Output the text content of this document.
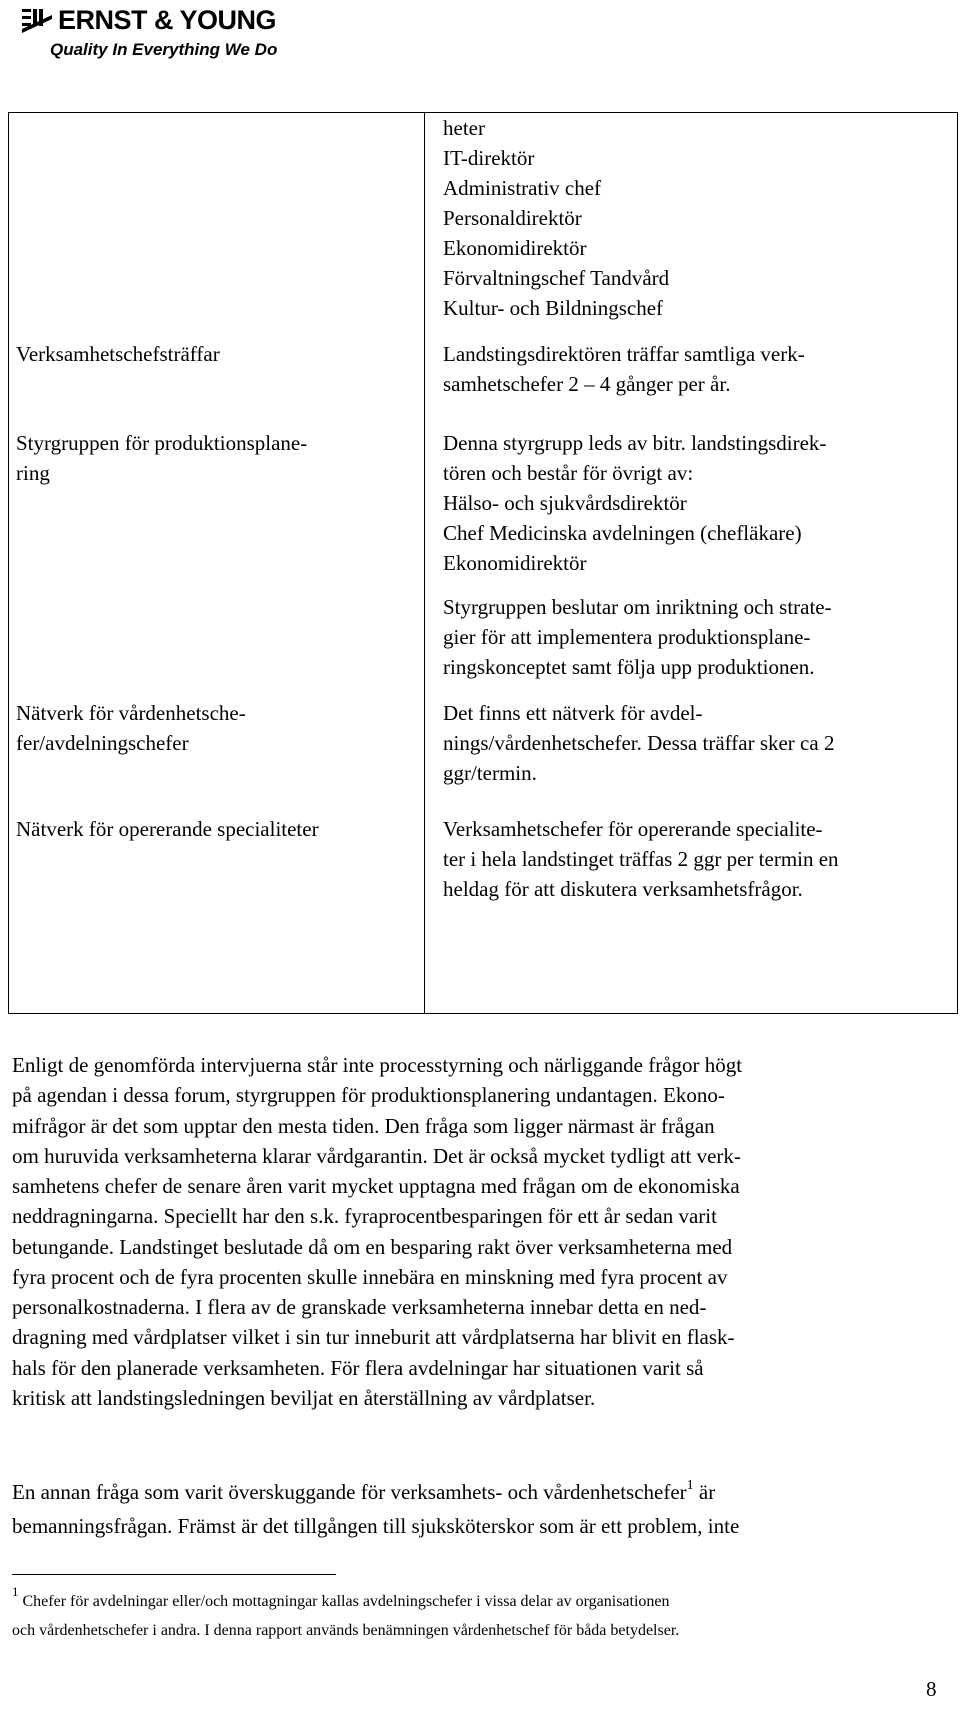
ERNST & YOUNG
Quality In Everything We Do
heter
IT-direktör
Administrativ chef
Personaldirektör
Ekonomidirektör
Förvaltningschef Tandvård
Kultur- och Bildningschef
Verksamhetschefsträffar	Landstingsdirektören träffar samtliga verk-
samhetschefer 2 – 4 gånger per år.
Styrgruppen för produktionsplane-
ring
Denna styrgrupp leds av bitr. landstingsdirek-
tören och består för övrigt av:
Hälso- och sjukvårdsdirektör
Chef Medicinska avdelningen (chefläkare)
Ekonomidirektör
Styrgruppen beslutar om inriktning och strate-
gier för att implementera produktionsplane-
ringskonceptet samt följa upp produktionen.
Nätverk för vårdenhetsche-
fer/avdelningschefer
Det finns ett nätverk för avdel-
nings/vårdenhetschefer. Dessa träffar sker ca 2
ggr/termin.
Nätverk för opererande specialiteter	Verksamhetschefer för opererande specialite-
ter i hela landstinget träffas 2 ggr per termin en
heldag för att diskutera verksamhetsfrågor.
Enligt de genomförda intervjuerna står inte processtyrning och närliggande frågor högt
på agendan i dessa forum, styrgruppen för produktionsplanering undantagen. Ekono-
mifrågor är det som upptar den mesta tiden. Den fråga som ligger närmast är frågan
om huruvida verksamheterna klarar vårdgarantin. Det är också mycket tydligt att verk-
samhetens chefer de senare åren varit mycket upptagna med frågan om de ekonomiska
neddragningarna. Speciellt har den s.k. fyraprocentbesparingen för ett år sedan varit
betungande. Landstinget beslutade då om en besparing rakt över verksamheterna med
fyra procent och de fyra procenten skulle innebära en minskning med fyra procent av
personalkostnaderna. I flera av de granskade verksamheterna innebar detta en ned-
dragning med vårdplatser vilket i sin tur inneburit att vårdplatserna har blivit en flask-
hals för den planerade verksamheten. För flera avdelningar har situationen varit så
kritisk att landstingsledningen beviljat en återställning av vårdplatser.
En annan fråga som varit överskuggande för verksamhets- och vårdenhetschefer$^1$ är
bemanningsfrågan. Främst är det tillgången till sjuksköterskor som är ett problem, inte
$^1$Chefer för avdelningar eller/och mottagningar kallas avdelningschefer i vissa delar av organisationen
och vårdenhetschefer i andra. I denna rapport används benämningen vårdenhetschef för båda betydelser.
8
